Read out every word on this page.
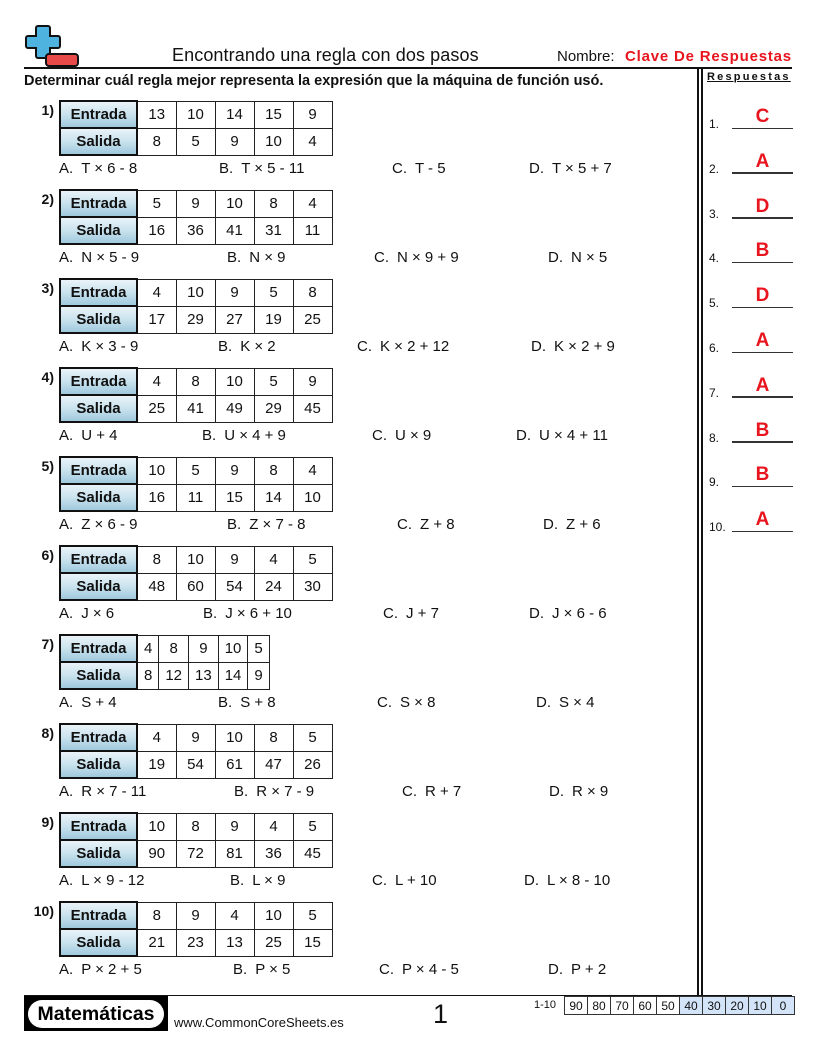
Encontrando una regla con dos pasos	Nombre: Clave De Respuestas
Determinar cuál regla mejor representa la expresión que la máquina de función usó.
1) Entrada	13	10	14	15	9
Salida	8	5	9	10	4
A. T × 6 - 8	B. T × 5 - 11	C. T - 5	D. T × 5 + 7
2) Entrada	5	9	10	8	4
Salida	16	36	41	31	11
A. N × 5 - 9	B. N × 9	C. N × 9 + 9	D. N × 5
3) Entrada	4	10	9	5	8
Salida	17	29	27	19	25
A. K × 3 - 9	B. K × 2	C. K × 2 + 12	D. K × 2 + 9
4) Entrada	4	8	10	5	9
Salida	25	41	49	29	45
A. U + 4	B. U × 4 + 9	C. U × 9	D. U × 4 + 11
5) Entrada	10	5	9	8	4
Salida	16	11	15	14	10
A. Z × 6 - 9	B. Z × 7 - 8	C. Z + 8	D. Z + 6
6) Entrada	8	10	9	4	5
Salida	48	60	54	24	30
A. J × 6	B. J × 6 + 10	C. J + 7	D. J × 6 - 6
7) Entrada	4	8	9	10	5
Salida	8	12	13	14	9
A. S + 4	B. S + 8	C. S × 8	D. S × 4
8) Entrada	4	9	10	8	5
Salida	19	54	61	47	26
A. R × 7 - 11	B. R × 7 - 9	C. R + 7	D. R × 9
9) Entrada	10	8	9	4	5
Salida	90	72	81	36	45
A. L × 9 - 12	B. L × 9	C. L + 10	D. L × 8 - 10
10) Entrada	8	9	4	10	5
Salida	21	23	13	25	15
A. P × 2 + 5	B. P × 5	C. P × 4 - 5	D. P + 2
Respuestas
1.	C
2.	A
3.	D
4.	B
5.	D
6.	A
7.	A
8.	B
9.	B
10.	A
Matemáticas	www.CommonCoreSheets.es	1	1-10 90	80	70	60	50	40	30	20	10	0
